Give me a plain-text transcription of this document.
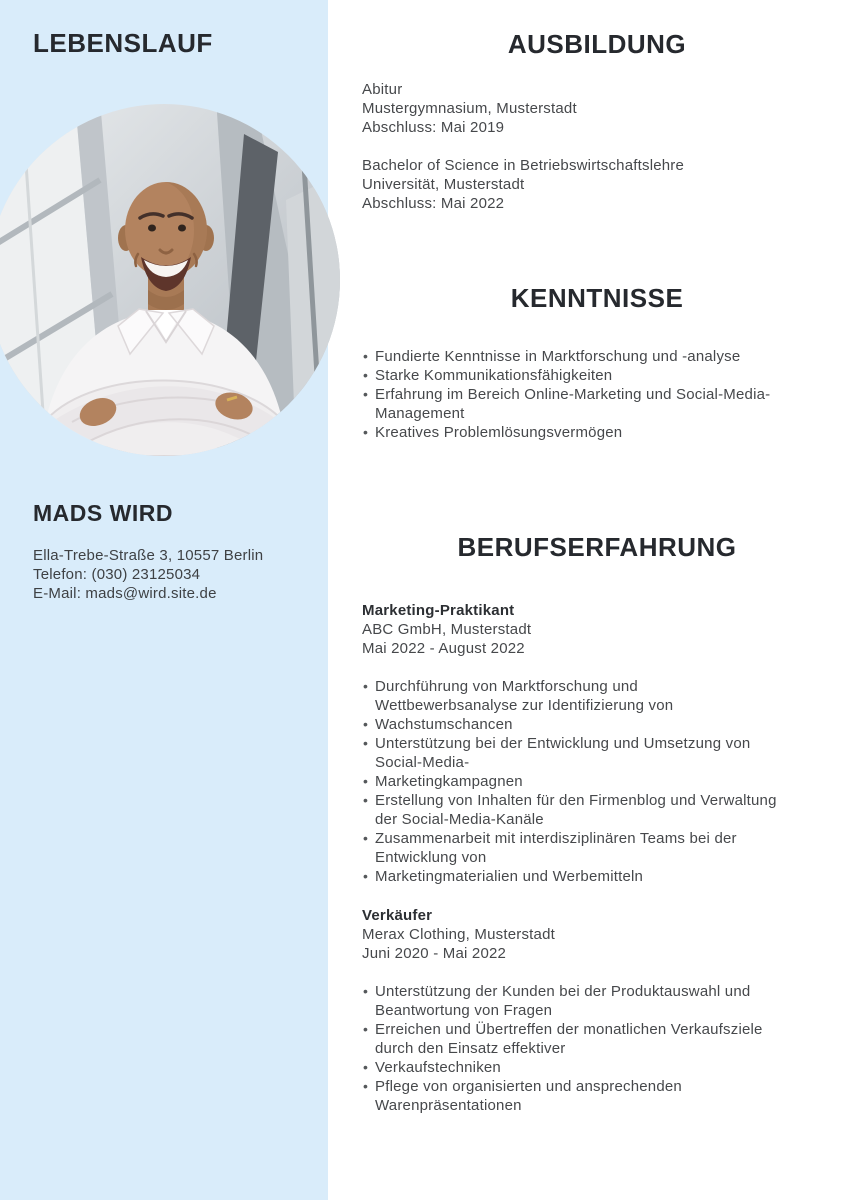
LEBENSLAUF
MADS WIRD
Ella-Trebe-Straße 3, 10557 Berlin
Telefon: (030) 23125034
E-Mail: mads@wird.site.de
AUSBILDUNG
Abitur
Mustergymnasium, Musterstadt
Abschluss: Mai 2019
Bachelor of Science in Betriebswirtschaftslehre
Universität, Musterstadt
Abschluss: Mai 2022
KENNTNISSE
• Fundierte Kenntnisse in Marktforschung und -analyse
• Starke Kommunikationsfähigkeiten
• Erfahrung im Bereich Online-Marketing und Social-Media-Management
• Kreatives Problemlösungsvermögen
BERUFSERFAHRUNG
Marketing-Praktikant
ABC GmbH, Musterstadt
Mai 2022 - August 2022
• Durchführung von Marktforschung und Wettbewerbsanalyse zur Identifizierung von
• Wachstumschancen
• Unterstützung bei der Entwicklung und Umsetzung von Social-Media-
• Marketingkampagnen
• Erstellung von Inhalten für den Firmenblog und Verwaltung der Social-Media-Kanäle
• Zusammenarbeit mit interdisziplinären Teams bei der Entwicklung von
• Marketingmaterialien und Werbemitteln
Verkäufer
Merax Clothing, Musterstadt
Juni 2020 - Mai 2022
• Unterstützung der Kunden bei der Produktauswahl und Beantwortung von Fragen
• Erreichen und Übertreffen der monatlichen Verkaufsziele durch den Einsatz effektiver
• Verkaufstechniken
• Pflege von organisierten und ansprechenden Warenpräsentationen
